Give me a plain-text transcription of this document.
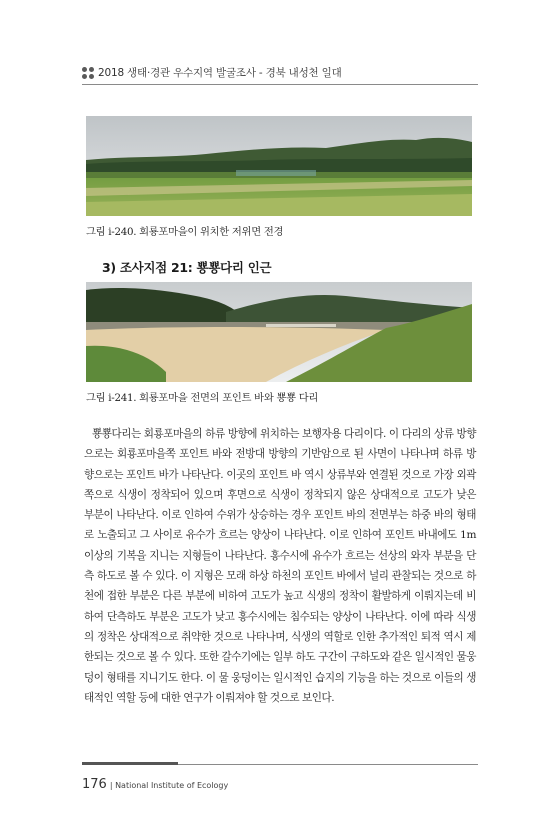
2018 생태·경관 우수지역 발굴조사 - 경북 내성천 일대
그림 ⅰ-240. 회룡포마을이 위치한 저위면 전경
3) 조사지점 21: 뿅뿅다리 인근
그림 ⅰ-241. 회룡포마을 전면의 포인트 바와 뿅뿅 다리

뿅뿅다리는 회룡포마을의 하류 방향에 위치하는 보행자용 다리이다. 이 다리의 상류 방향으로는 회룡포마을쪽 포인트 바와 전방대 방향의 기반암으로 된 사면이 나타나며 하류 방향으로는 포인트 바가 나타난다. 이곳의 포인트 바 역시 상류부와 연결된 것으로 가장 외곽 쪽으로 식생이 정착되어 있으며 후면으로 식생이 정착되지 않은 상대적으로 고도가 낮은 부분이 나타난다. 이로 인하여 수위가 상승하는 경우 포인트 바의 전면부는 하중 바의 형태로 노출되고 그 사이로 유수가 흐르는 양상이 나타난다. 이로 인하여 포인트 바내에도 1m 이상의 기복을 지니는 지형들이 나타난다. 홍수시에 유수가 흐르는 선상의 와자 부분을 단측 하도로 볼 수 있다. 이 지형은 모래 하상 하천의 포인트 바에서 널리 관찰되는 것으로 하천에 접한 부분은 다른 부분에 비하여 고도가 높고 식생의 정착이 활발하게 이뤄지는데 비하여 단측하도 부분은 고도가 낮고 홍수시에는 침수되는 양상이 나타난다. 이에 따라 식생의 정착은 상대적으로 취약한 것으로 나타나며, 식생의 역할로 인한 추가적인 퇴적 역시 제한되는 것으로 볼 수 있다. 또한 갈수기에는 일부 하도 구간이 구하도와 같은 일시적인 물웅덩이 형태를 지니기도 한다. 이 물 웅덩이는 일시적인 습지의 기능을 하는 것으로 이들의 생태적인 역할 등에 대한 연구가 이뤄져야 할 것으로 보인다.

176 | National Institute of Ecology
